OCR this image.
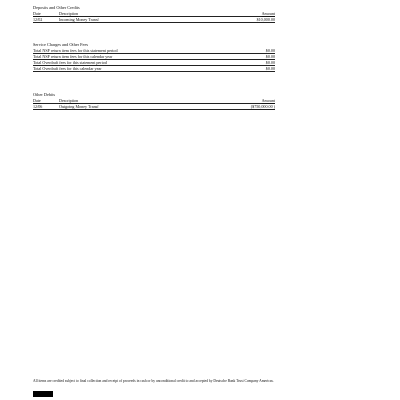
Deposits and Other Credits
Date	Description	Amount
12/02	Incoming Money Transf	$10,000.00
Service Charges and Other Fees
Total NSF return item fees for this statement period	$0.00
Total NSF return item fees for this calendar year	$0.00
Total Overdraft fees for this statement period	$0.00
Total Overdraft fees for this calendar year	$0.00
Other Debits
Date	Description	Amount
12/06	Outgoing Money Transf	($750,000.00 )
All items are credited subject to final collection and receipt of proceeds in cash or by unconditional credit to and accepted by Deutsche Bank Trust Company Americas.
